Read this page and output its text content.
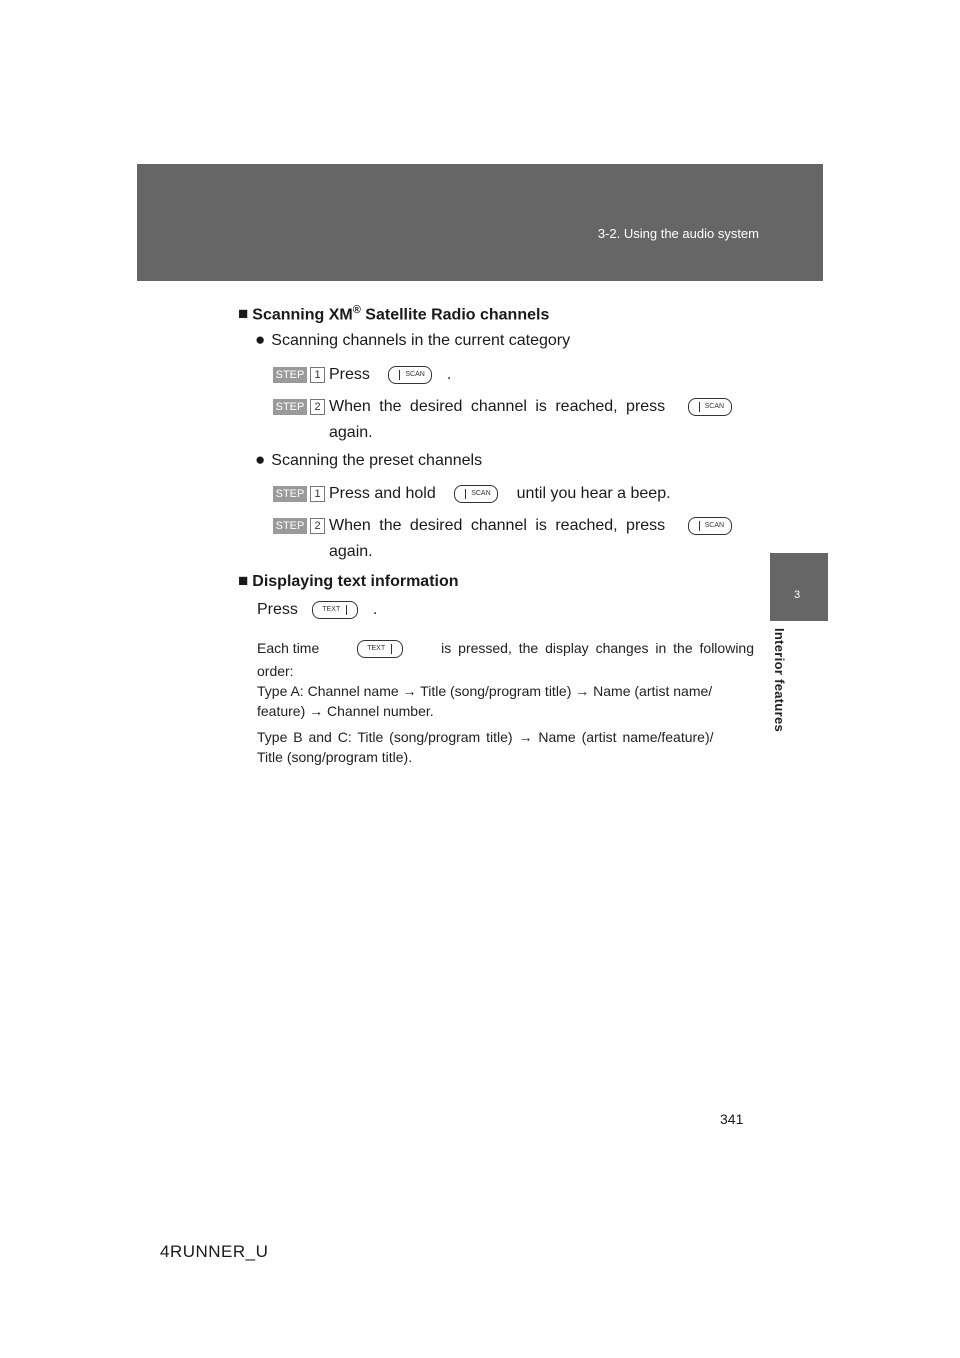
3-2. Using the audio system
3
Interior features
■ Scanning XM® Satellite Radio channels
● Scanning channels in the current category
STEP 1 Press	SCAN .
STEP 2 When the desired channel is reached, press	SCAN
again.
● Scanning the preset channels
STEP 1 Press and hold	SCAN until you hear a beep.
STEP 2 When the desired channel is reached, press	SCAN
again.
■ Displaying text information
Press	TEXT .
Each time	TEXT	is pressed, the display changes in the following
order:
Type A: Channel name → Title (song/program title) → Name (artist name/
feature) → Channel number.
Type B and C: Title (song/program title) → Name (artist name/feature)/
Title (song/program title).
341
4RUNNER_U
